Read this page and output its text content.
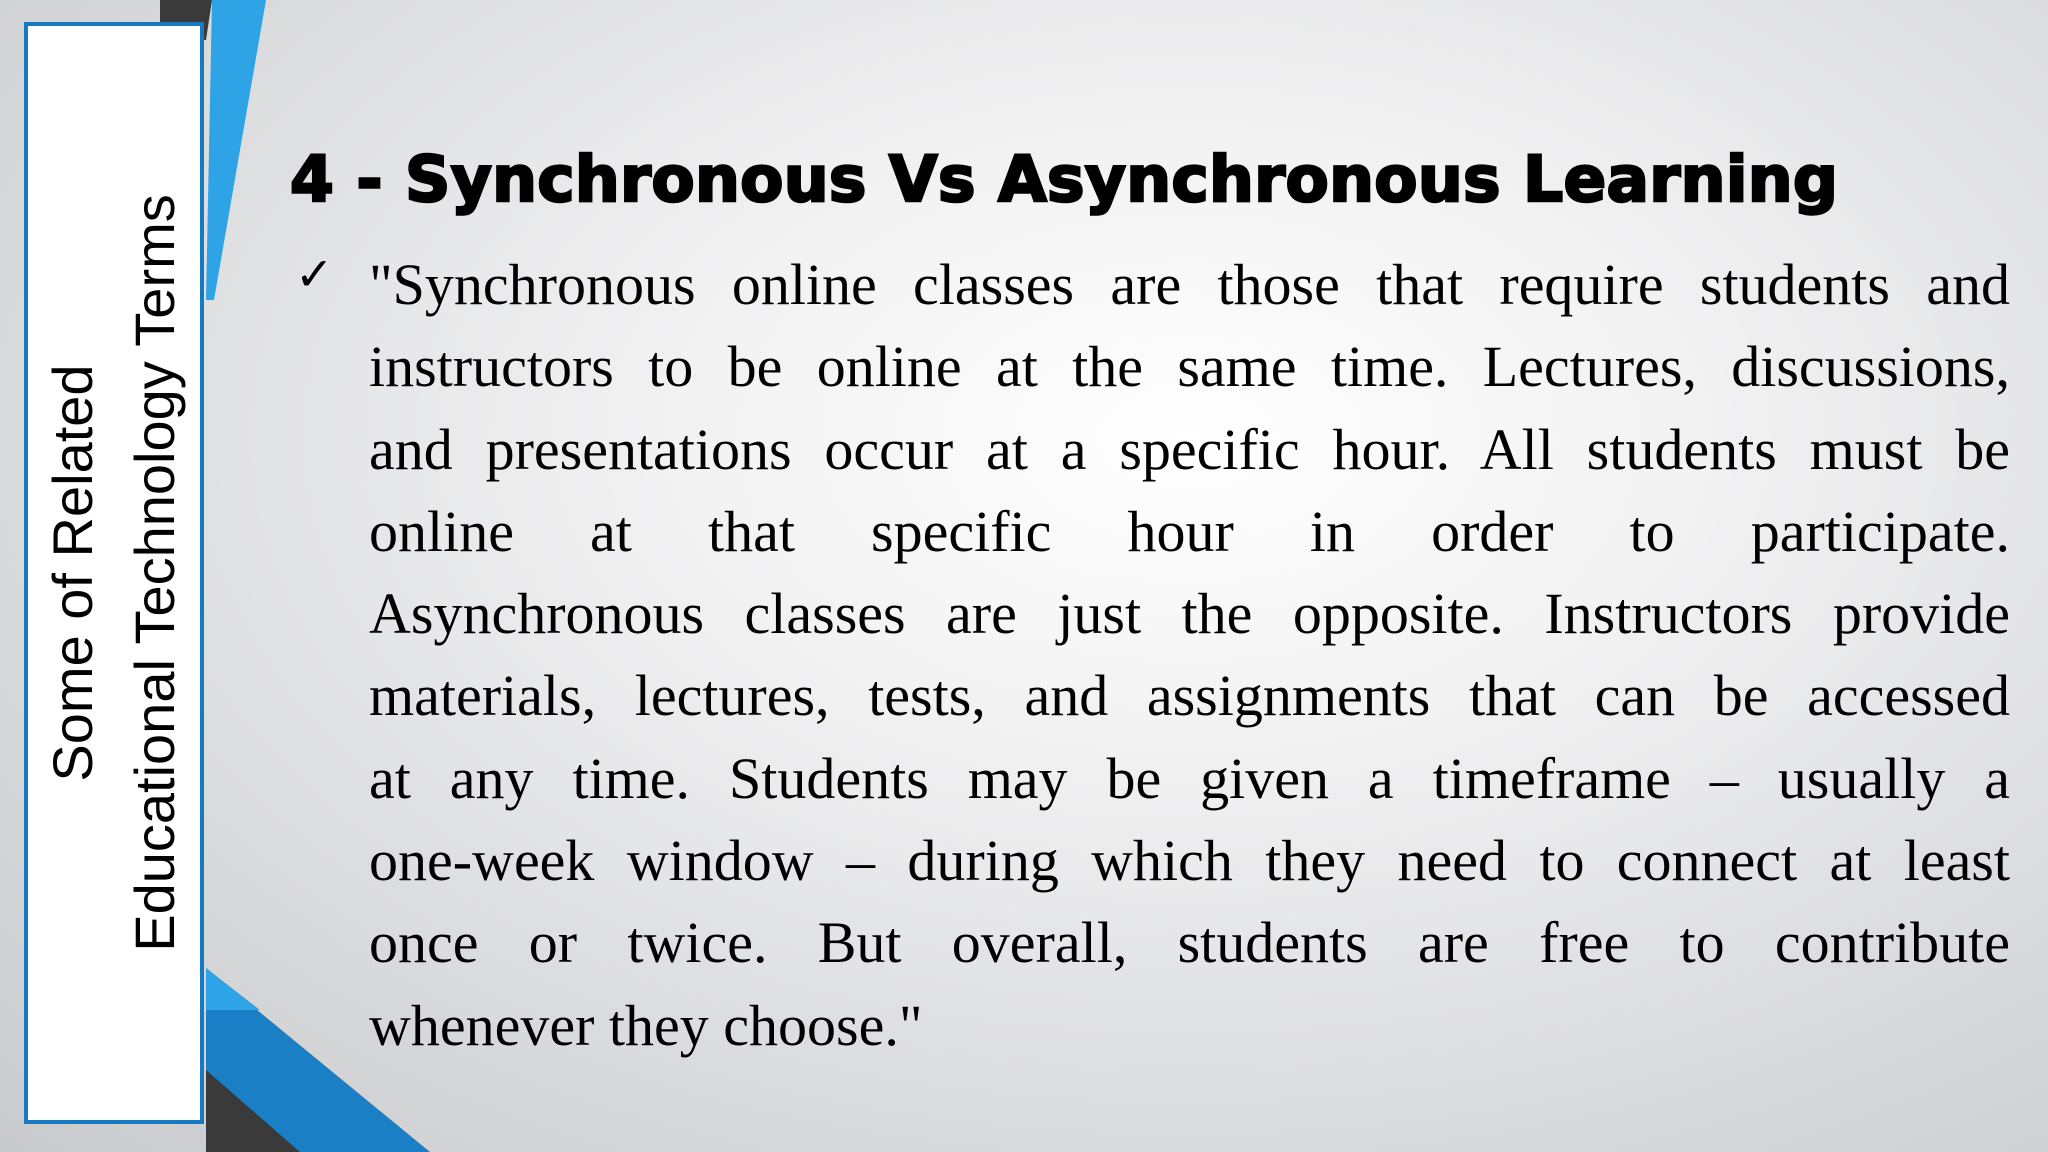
Some of Related Educational Technology Terms
4 - Synchronous Vs Asynchronous Learning
✓ "Synchronous online classes are those that require students and
instructors to be online at the same time. Lectures, discussions,
and presentations occur at a specific hour. All students must be
online at that specific hour in order to participate.
Asynchronous classes are just the opposite. Instructors provide
materials, lectures, tests, and assignments that can be accessed
at any time. Students may be given a timeframe – usually a
one-week window – during which they need to connect at least
once or twice. But overall, students are free to contribute
whenever they choose."
